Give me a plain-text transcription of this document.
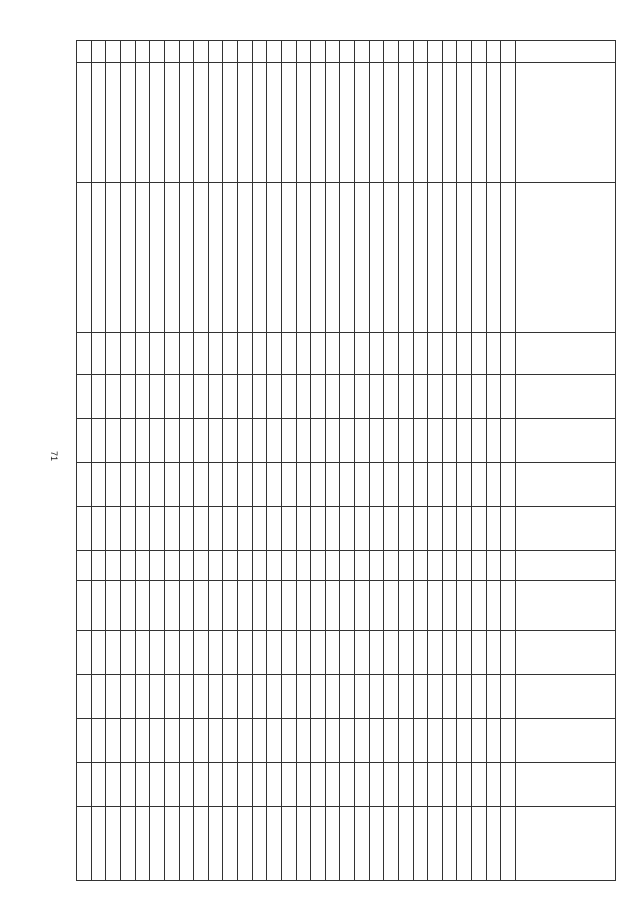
71
